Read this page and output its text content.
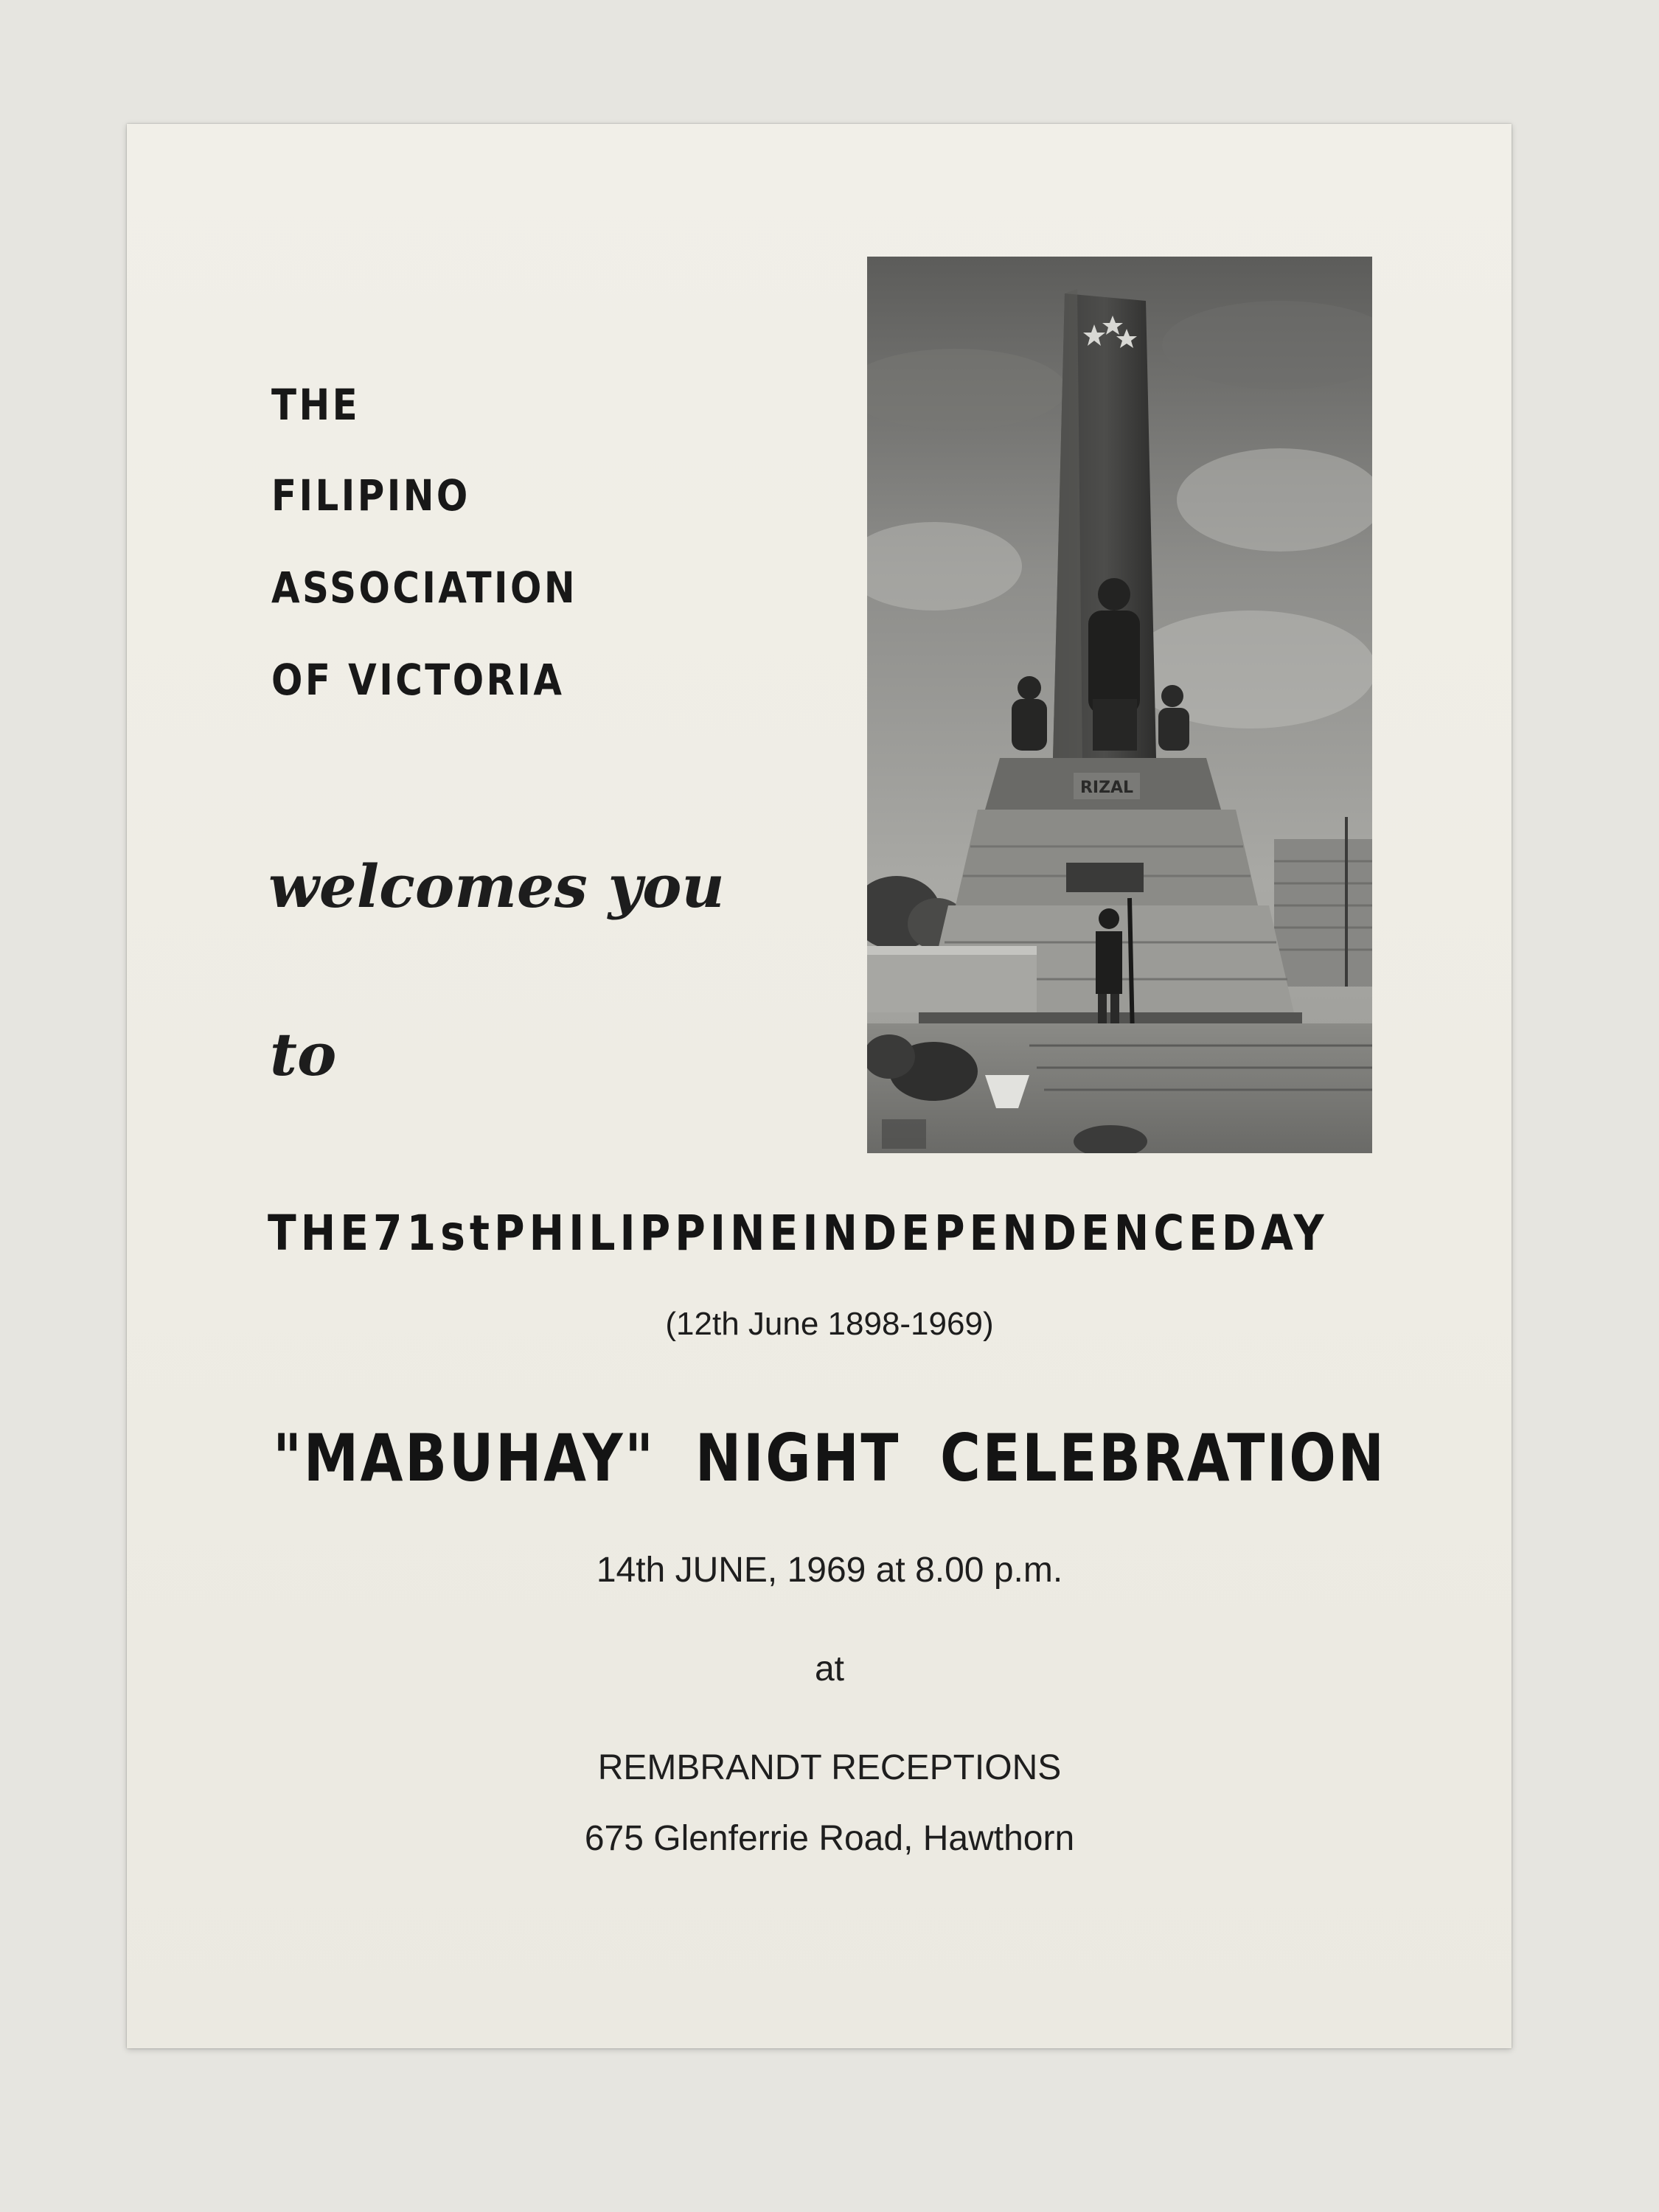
THE
FILIPINO
ASSOCIATION
OF VICTORIA
welcomes you
to
RIZAL
THE 71st PHILIPPINE INDEPENDENCE DAY
(12th June 1898-1969)
"MABUHAY" NIGHT CELEBRATION
14th JUNE, 1969 at 8.00 p.m.
at
REMBRANDT RECEPTIONS
675 Glenferrie Road, Hawthorn
